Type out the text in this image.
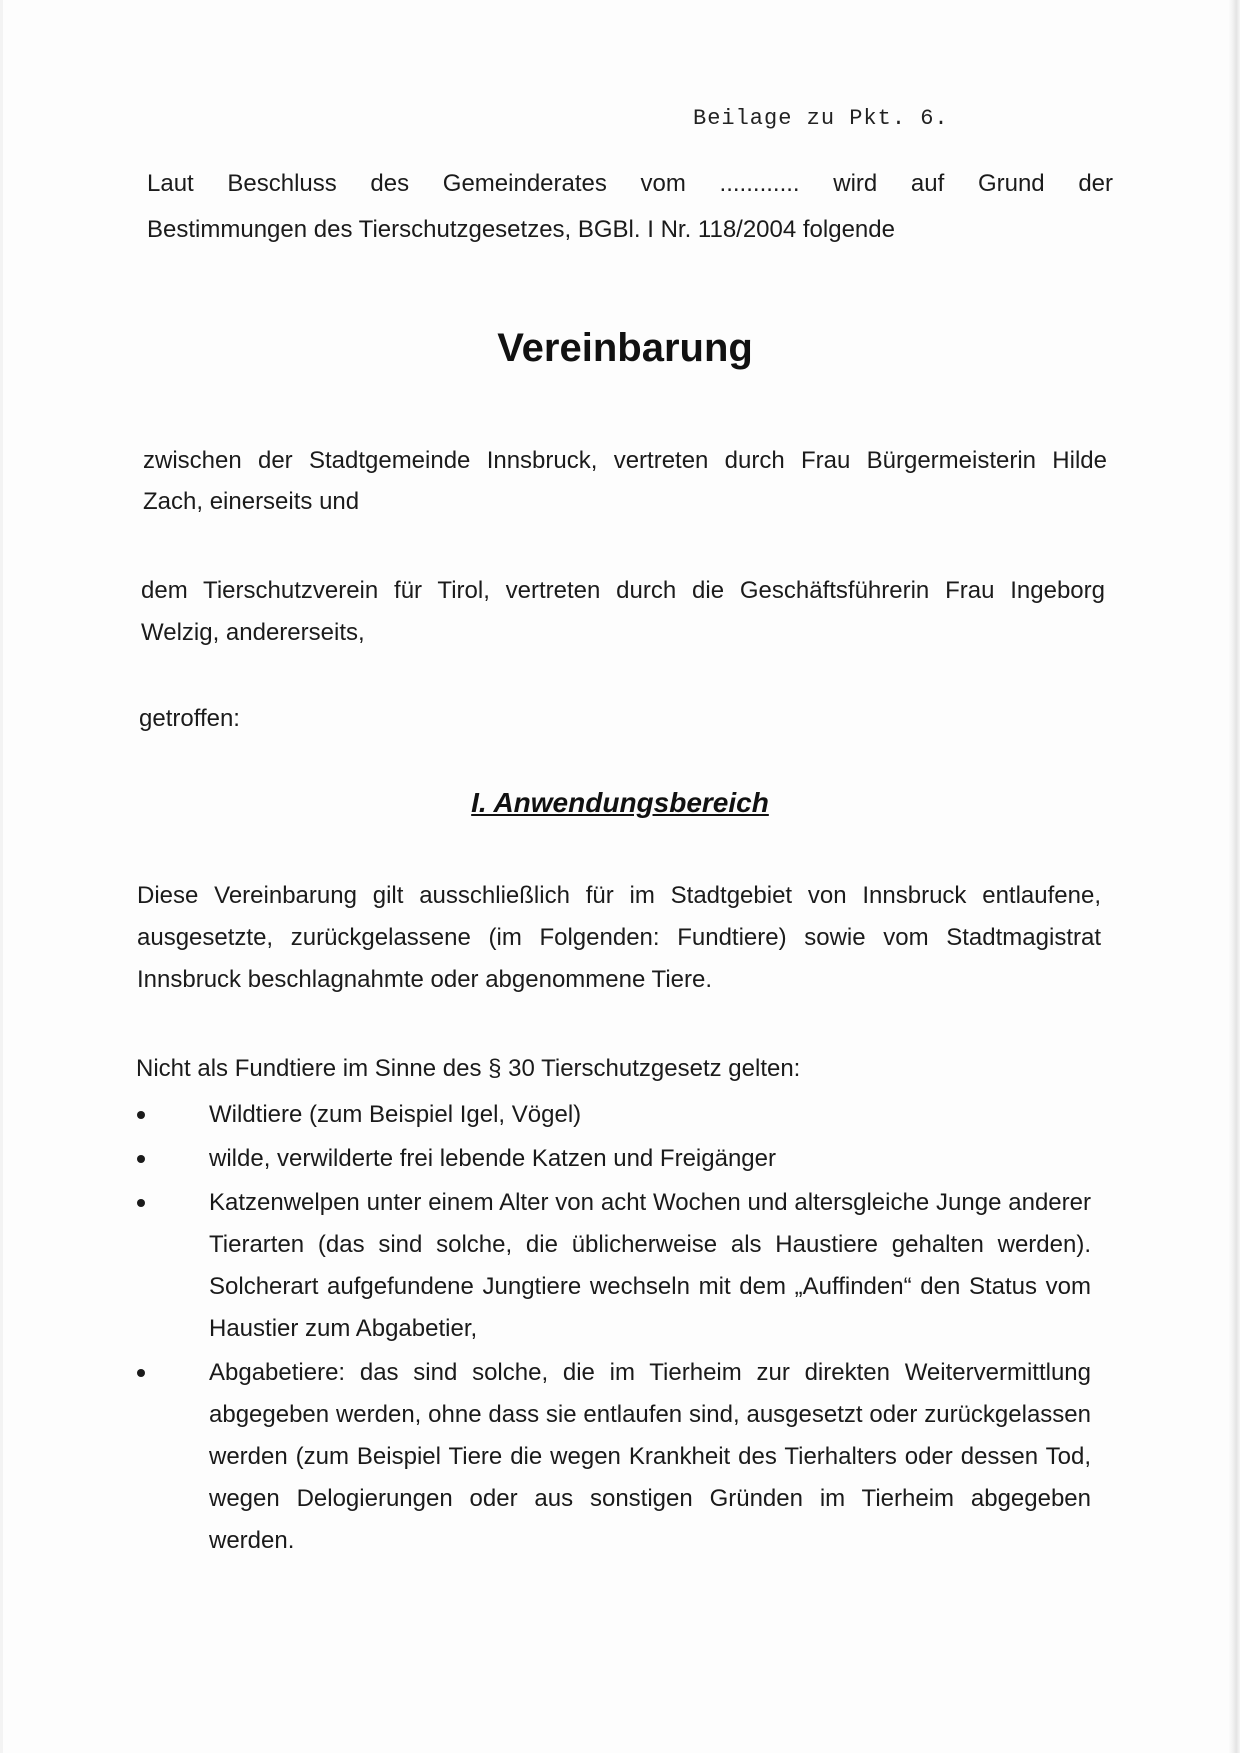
Beilage zu Pkt. 6.
Laut Beschluss des Gemeinderates vom ............ wird auf Grund der
Bestimmungen des Tierschutzgesetzes, BGBl. I Nr. 118/2004 folgende
Vereinbarung
zwischen der Stadtgemeinde Innsbruck, vertreten durch Frau Bürgermeisterin Hilde
Zach, einerseits und
dem Tierschutzverein für Tirol, vertreten durch die Geschäftsführerin Frau Ingeborg
Welzig, andererseits,
getroffen:
I. Anwendungsbereich
Diese Vereinbarung gilt ausschließlich für im Stadtgebiet von Innsbruck entlaufene, ausgesetzte, zurückgelassene (im Folgenden: Fundtiere) sowie vom Stadtmagistrat Innsbruck beschlagnahmte oder abgenommene Tiere.
Nicht als Fundtiere im Sinne des § 30 Tierschutzgesetz gelten:
Wildtiere (zum Beispiel Igel, Vögel)
wilde, verwilderte frei lebende Katzen und Freigänger
Katzenwelpen unter einem Alter von acht Wochen und altersgleiche Junge anderer Tierarten (das sind solche, die üblicherweise als Haustiere gehalten werden). Solcherart aufgefundene Jungtiere wechseln mit dem „Auffinden“ den Status vom Haustier zum Abgabetier,
Abgabetiere: das sind solche, die im Tierheim zur direkten Weitervermittlung abgegeben werden, ohne dass sie entlaufen sind, ausgesetzt oder zurückgelassen werden (zum Beispiel Tiere die wegen Krankheit des Tierhalters oder dessen Tod, wegen Delogierungen oder aus sonstigen Gründen im Tierheim abgegeben werden.
